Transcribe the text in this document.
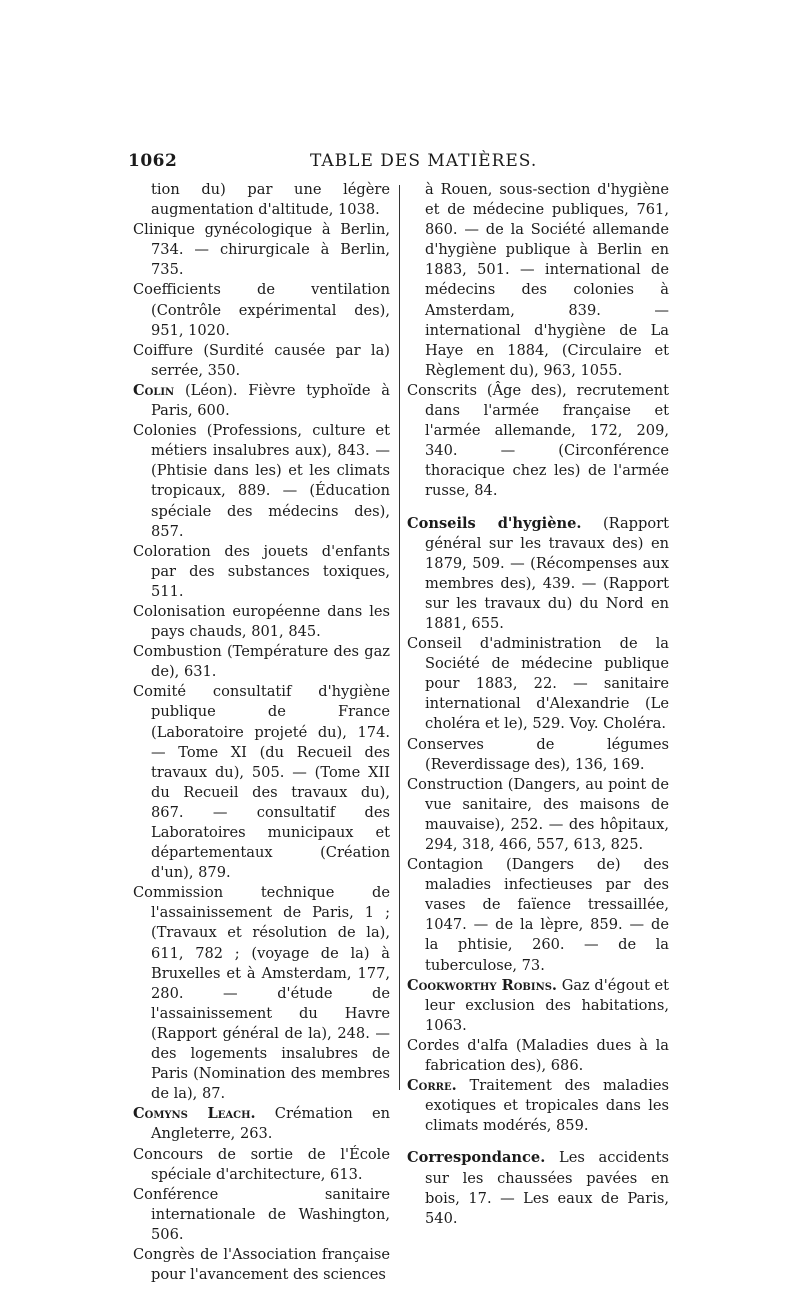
1062	TABLE DES MATIÈRES.

tion du) par une légère augmentation d'altitude, 1038.

Clinique gynécologique à Berlin, 734. — chirurgicale à Berlin, 735.

Coefficients de ventilation (Contrôle expérimental des), 951, 1020.

Coiffure (Surdité causée par la) serrée, 350.

Colin (Léon). Fièvre typhoïde à Paris, 600.

Colonies (Professions, culture et métiers insalubres aux), 843. — (Phtisie dans les) et les climats tropicaux, 889. — (Éducation spéciale des médecins des), 857.

Coloration des jouets d'enfants par des substances toxiques, 511.

Colonisation européenne dans les pays chauds, 801, 845.

Combustion (Température des gaz de), 631.

Comité consultatif d'hygiène publique de France (Laboratoire projeté du), 174. — Tome XI (du Recueil des travaux du), 505. — (Tome XII du Recueil des travaux du), 867. — consultatif des Laboratoires municipaux et départementaux (Création d'un), 879.

Commission technique de l'assainissement de Paris, 1 ; (Travaux et résolution de la), 611, 782 ; (voyage de la) à Bruxelles et à Amsterdam, 177, 280. — d'étude de l'assainissement du Havre (Rapport général de la), 248. — des logements insalubres de Paris (Nomination des membres de la), 87.

Comyns Leach. Crémation en Angleterre, 263.

Concours de sortie de l'École spéciale d'architecture, 613.

Conférence sanitaire internationale de Washington, 506.

Congrès de l'Association française pour l'avancement des sciences

à Rouen, sous-section d'hygiène et de médecine publiques, 761, 860. — de la Société allemande d'hygiène publique à Berlin en 1883, 501. — international de médecins des colonies à Amsterdam, 839. — international d'hygiène de La Haye en 1884, (Circulaire et Règlement du), 963, 1055.

Conscrits (Âge des), recrutement dans l'armée française et l'armée allemande, 172, 209, 340. — (Circonférence thoracique chez les) de l'armée russe, 84.

Conseils d'hygiène. (Rapport général sur les travaux des) en 1879, 509. — (Récompenses aux membres des), 439. — (Rapport sur les travaux du) du Nord en 1881, 655.

Conseil d'administration de la Société de médecine publique pour 1883, 22. — sanitaire international d'Alexandrie (Le choléra et le), 529. Voy. Choléra.

Conserves de légumes (Reverdissage des), 136, 169.

Construction (Dangers, au point de vue sanitaire, des maisons de mauvaise), 252. — des hôpitaux, 294, 318, 466, 557, 613, 825.

Contagion (Dangers de) des maladies infectieuses par des vases de faïence tressaillée, 1047. — de la lèpre, 859. — de la phtisie, 260. — de la tuberculose, 73.

Cookworthy Robins. Gaz d'égout et leur exclusion des habitations, 1063.

Cordes d'alfa (Maladies dues à la fabrication des), 686.

Corre. Traitement des maladies exotiques et tropicales dans les climats modérés, 859.

Correspondance. Les accidents sur les chaussées pavées en bois, 17. — Les eaux de Paris, 540.
